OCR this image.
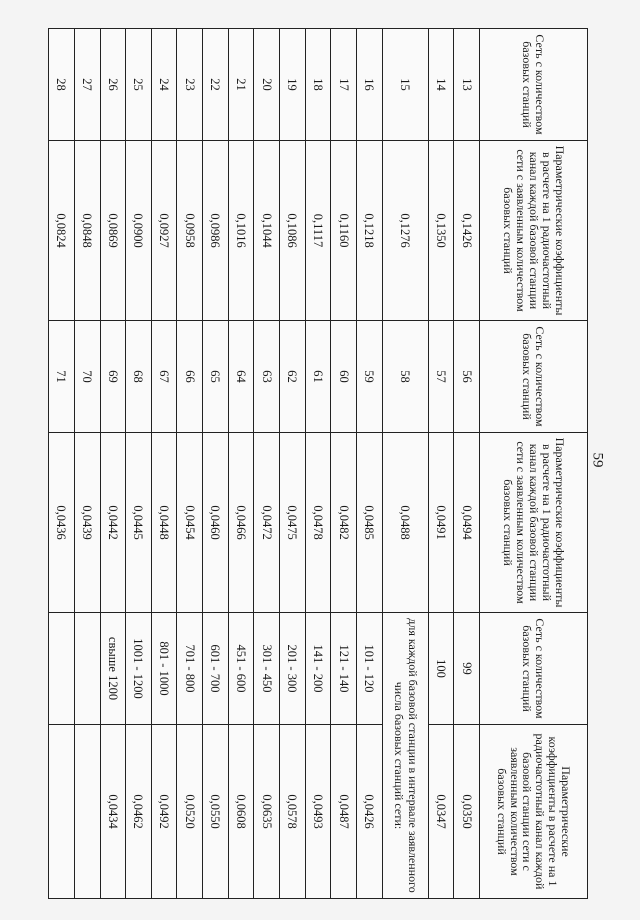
59
Сеть с количеством базовых станций	Параметрические коэффициенты в расчете на 1 радиочастотный канал каждой базовой станции сети с заявленным количеством базовых станций	Сеть с количеством базовых станций	Параметрические коэффициенты в расчете на 1 радиочастотный канал каждой базовой станции сети с заявленным количеством базовых станций	Сеть с количеством базовых станций	Параметрические коэффициенты в расчете на 1 радиочастотный канал каждой базовой станции сети с заявленным количеством базовых станций
13	0,1426	56	0,0494	99	0,0350
14	0,1350	57	0,0491	100	0,0347
15	0,1276	58	0,0488	для каждой базовой станции в интервале заявленного числа базовых станций сети:	
16	0,1218	59	0,0485	101 - 120	0,0426
17	0,1160	60	0,0482	121 - 140	0,0487
18	0,1117	61	0,0478	141 - 200	0,0493
19	0,1086	62	0,0475	201 - 300	0,0578
20	0,1044	63	0,0472	301 - 450	0,0635
21	0,1016	64	0,0466	451 - 600	0,0608
22	0,0986	65	0,0460	601 - 700	0,0550
23	0,0958	66	0,0454	701 - 800	0,0520
24	0,0927	67	0,0448	801 - 1000	0,0492
25	0,0900	68	0,0445	1001 - 1200	0,0462
26	0,0869	69	0,0442	свыше 1200	0,0434
27	0,0848	70	0,0439		
28	0,0824	71	0,0436		
